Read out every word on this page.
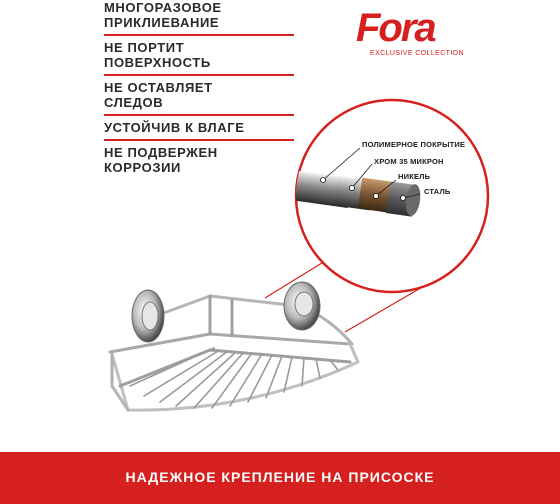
МНОГОРАЗОВОЕ
ПРИКЛИЕВАНИЕ
НЕ ПОРТИТ
ПОВЕРХНОСТЬ
НЕ ОСТАВЛЯЕТ
СЛЕДОВ
УСТОЙЧИВ К ВЛАГЕ
НЕ ПОДВЕРЖЕН
КОРРОЗИИ
Fora
EXCLUSIVE COLLECTION
ПОЛИМЕРНОЕ ПОКРЫТИЕ
ХРОМ 35 МИКРОН
НИКЕЛЬ
СТАЛЬ
НАДЕЖНОЕ КРЕПЛЕНИЕ НА ПРИСОСКЕ
